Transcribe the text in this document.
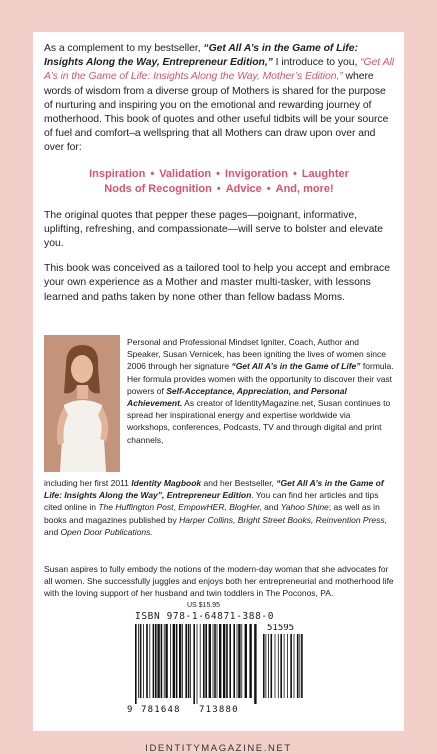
As a complement to my bestseller, “Get All A’s in the Game of Life: Insights Along the Way, Entrepreneur Edition,” I introduce to you, “Get All A’s in the Game of Life: Insights Along the Way, Mother’s Edition,” where words of wisdom from a diverse group of Mothers is shared for the purpose of nurturing and inspiring you on the emotional and rewarding journey of motherhood. This book of quotes and other useful tidbits will be your source of fuel and comfort–a wellspring that all Mothers can draw upon over and over for:

Inspiration • Validation • Invigoration • Laughter
Nods of Recognition • Advice • And, more!

The original quotes that pepper these pages—poignant, informative, uplifting, refreshing, and compassionate—will serve to bolster and elevate you.

This book was conceived as a tailored tool to help you accept and embrace your own experience as a Mother and master multi-tasker, with lessons learned and paths taken by none other than fellow badass Moms.

Personal and Professional Mindset Igniter, Coach, Author and Speaker, Susan Vernicek, has been igniting the lives of women since 2006 through her signature “Get All A’s in the Game of Life” formula. Her formula provides women with the opportunity to discover their vast powers of Self-Acceptance, Appreciation, and Personal Achievement. As creator of IdentityMagazine.net, Susan continues to spread her inspirational energy and expertise worldwide via workshops, conferences, Podcasts, TV and through digital and print channels,

including her first 2011 Identity Magbook and her Bestseller, “Get All A’s in the Game of Life: Insights Along the Way”, Entrepreneur Edition. You can find her articles and tips cited online in The Huffington Post, EmpowHER, BlogHer, and Yahoo Shine; as well as in books and magazines published by Harper Collins, Bright Street Books, Reinvention Press, and Open Door Publications.

Susan aspires to fully embody the notions of the modern-day woman that she advocates for all women. She successfully juggles and enjoys both her entrepreneurial and motherhood life with the loving support of her husband and twin toddlers in The Poconos, PA.

US $15.95
ISBN 978-1-64871-388-0
9 781648 713880
51595
IDENTITYMAGAZINE.NET
